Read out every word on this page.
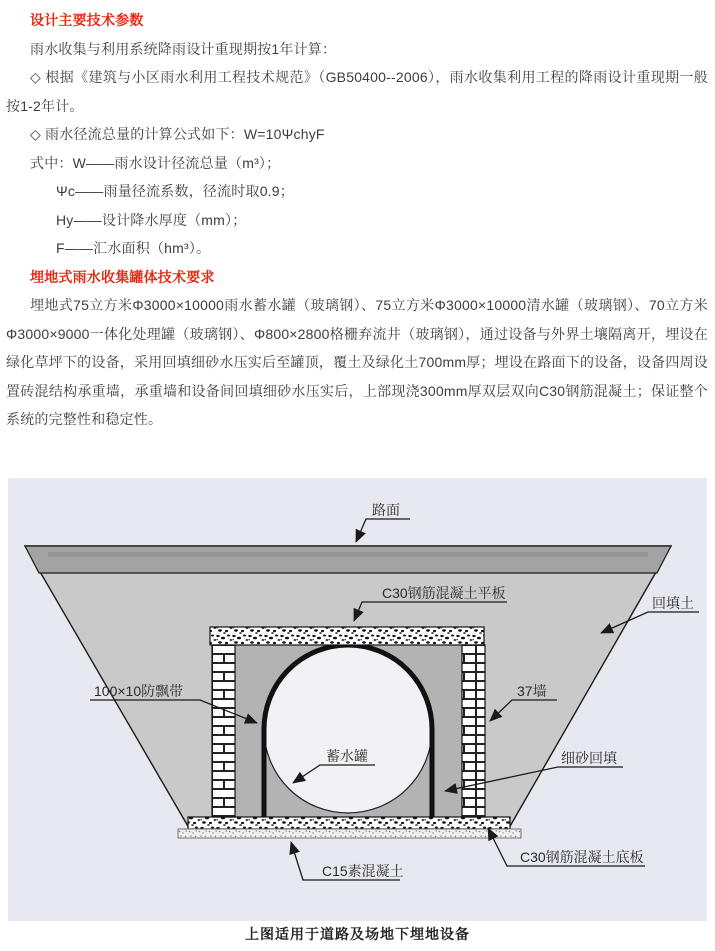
设计主要技术参数

雨水收集与利用系统降雨设计重现期按1年计算：

◇ 根据《建筑与小区雨水利用工程技术规范》（GB50400--2006），雨水收集利用工程的降雨设计重现期一般按1-2年计。

◇ 雨水径流总量的计算公式如下：W=10ΨchyF

式中：W——雨水设计径流总量（m³）；

Ψc——雨量径流系数，径流时取0.9；

Hy——设计降水厚度（mm）；

F——汇水面积（hm³）。

埋地式雨水收集罐体技术要求

埋地式75立方米Φ3000×10000雨水蓄水罐（玻璃钢）、75立方米Φ3000×10000清水罐（玻璃钢）、70立方米Φ3000×9000一体化处理罐（玻璃钢）、Φ800×2800格栅弃流井（玻璃钢），通过设备与外界土壤隔离开，埋设在绿化草坪下的设备，采用回填细砂水压实后至罐顶，覆土及绿化土700mm厚；埋设在路面下的设备，设备四周设置砖混结构承重墙，承重墙和设备间回填细砂水压实后，上部现浇300mm厚双层双向C30钢筋混凝土；保证整个系统的完整性和稳定性。

路面
C30钢筋混凝土平板
回填土
100×10防飘带	37墙
蓄水罐	细砂回填
C15素混凝土
C30钢筋混凝土底板
上图适用于道路及场地下埋地设备
